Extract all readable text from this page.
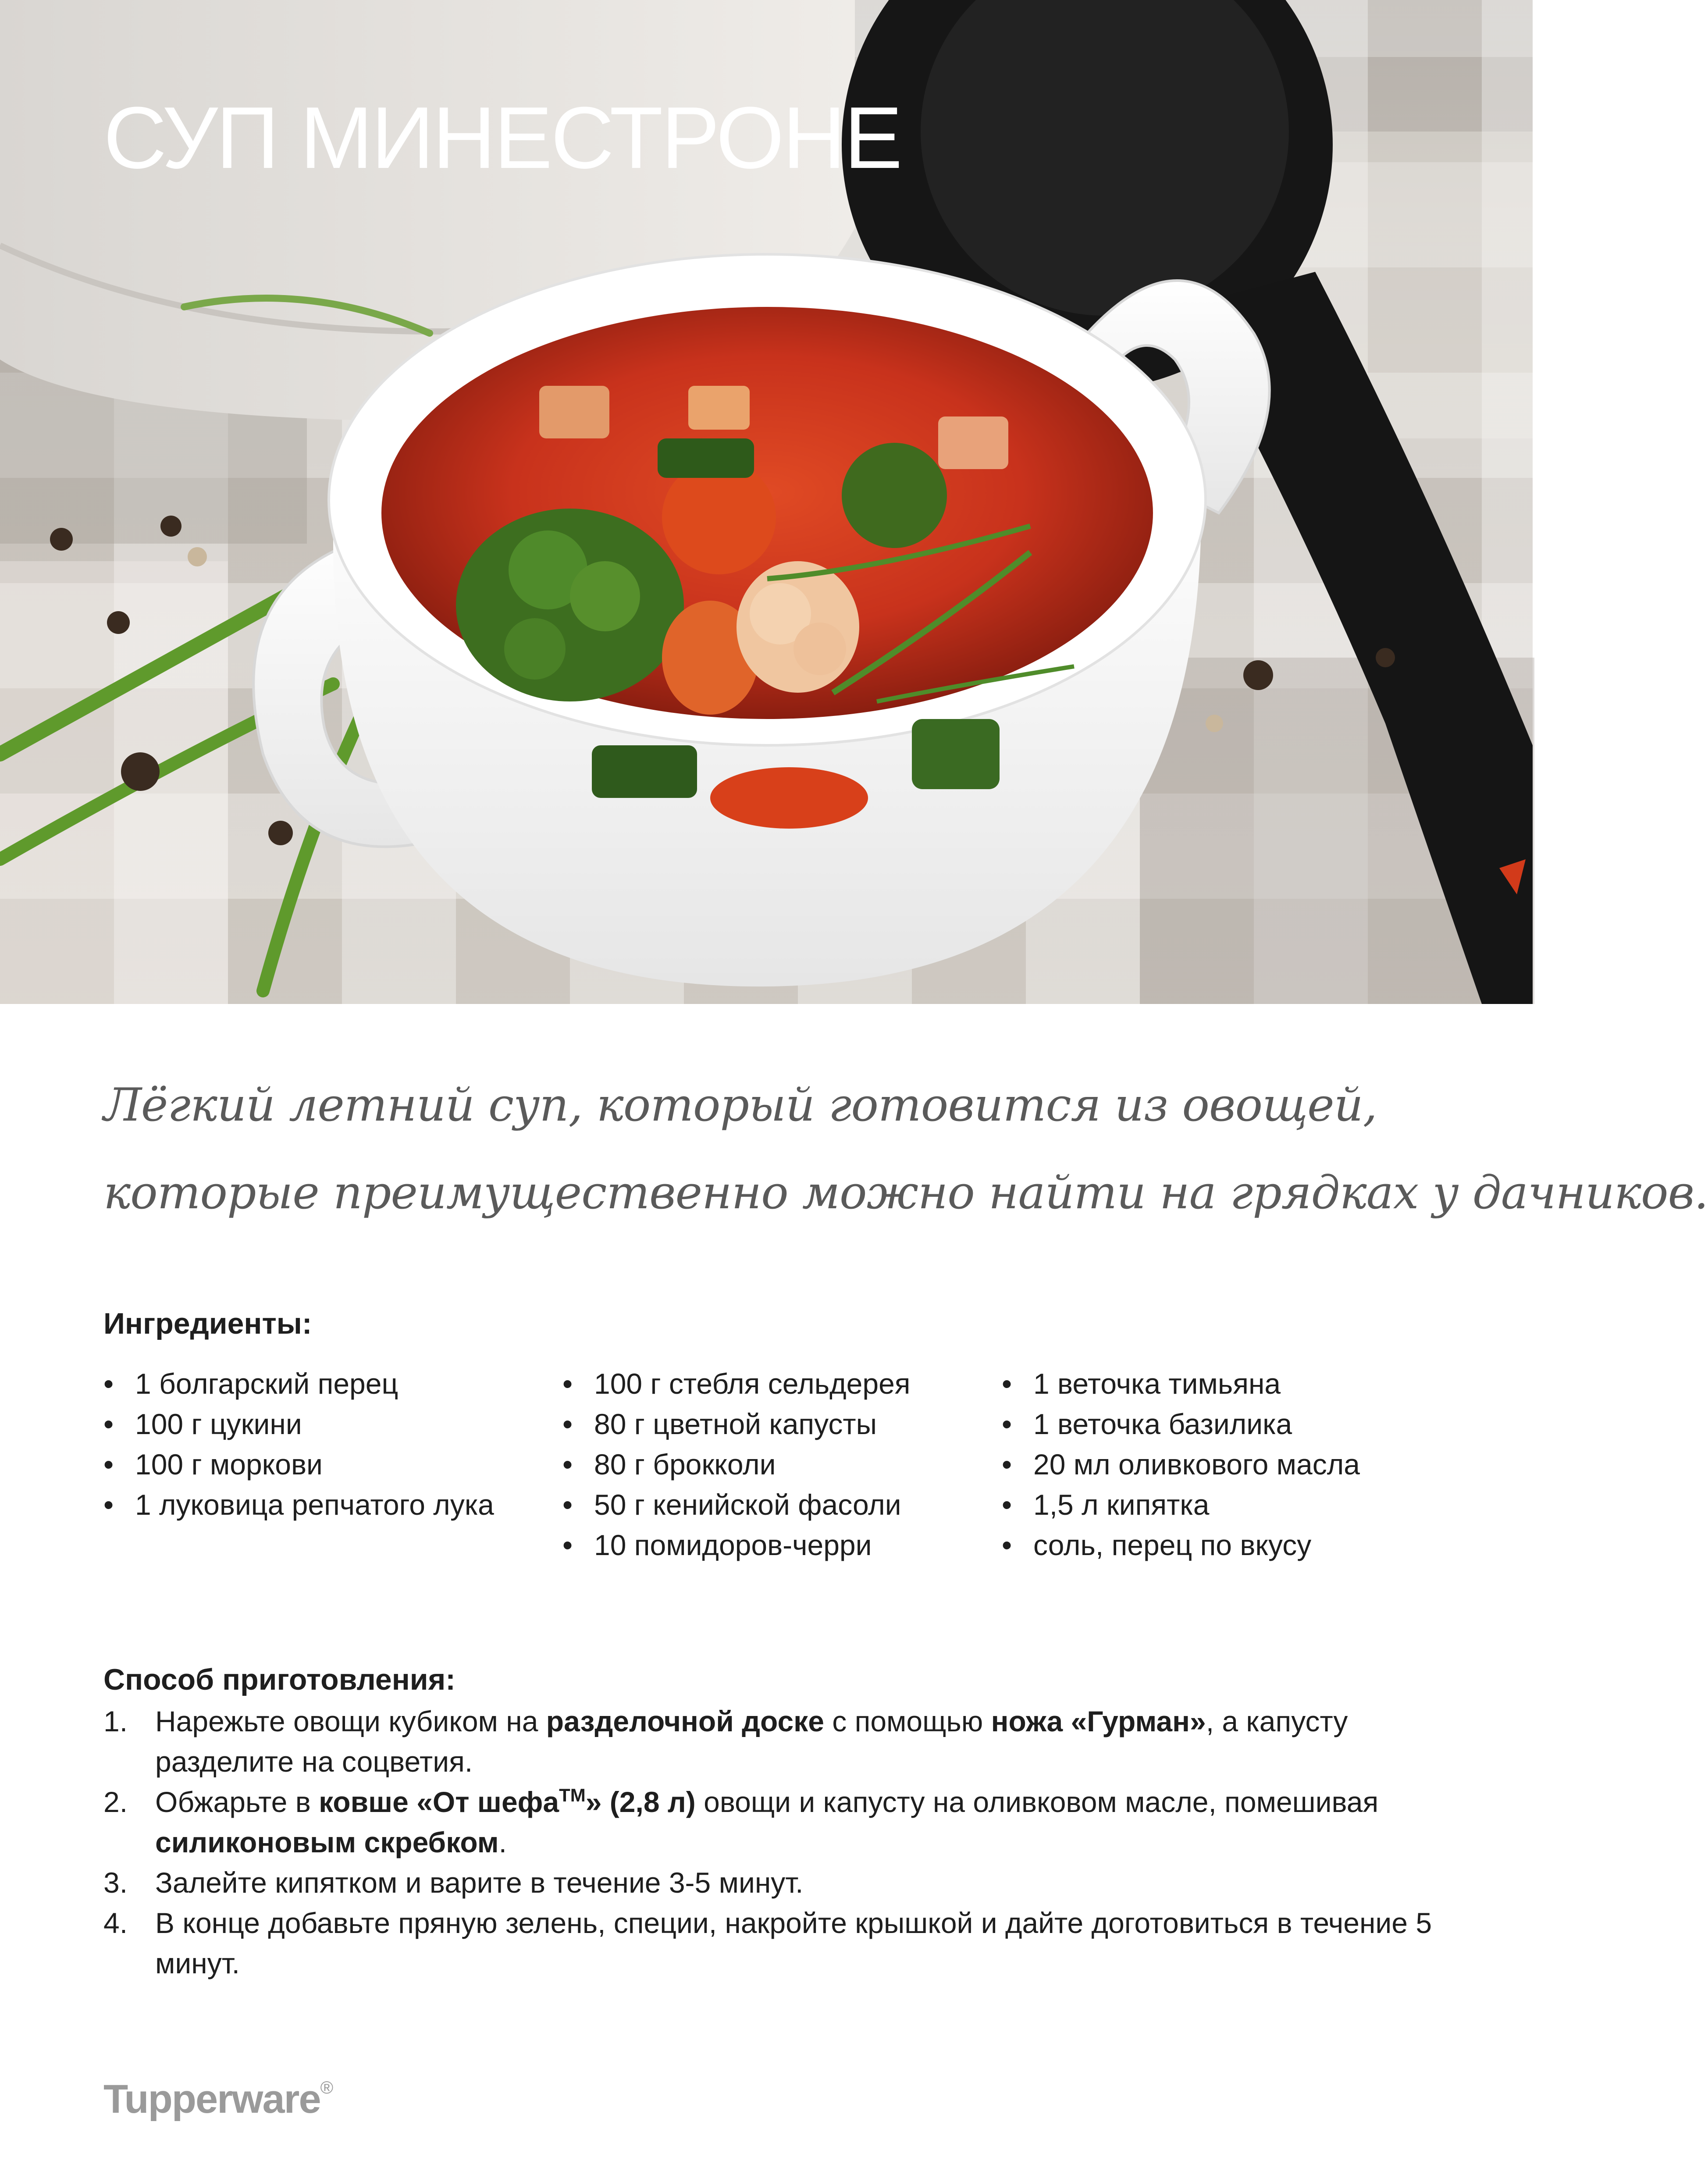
СУП МИНЕСТРОНЕ
Лёгкий летний суп, который готовится из овощей,
которые преимущественно можно найти на грядках у дачников.
Ингредиенты:
• 1 болгарский перец
• 100 г цукини
• 100 г моркови
• 1 луковица репчатого лука
• 100 г стебля сельдерея
• 80 г цветной капусты
• 80 г брокколи
• 50 г кенийской фасоли
• 10 помидоров-черри
• 1 веточка тимьяна
• 1 веточка базилика
• 20 мл оливкового масла
• 1,5 л кипятка
• соль, перец по вкусу
Способ приготовления:
1. Нарежьте овощи кубиком на разделочной доске с помощью ножа «Гурман», а капусту разделите на соцветия.
2. Обжарьте в ковше «От шефа™» (2,8 л) овощи и капусту на оливковом масле, помешивая силиконовым скребком.
3. Залейте кипятком и варите в течение 3-5 минут.
4. В конце добавьте пряную зелень, специи, накройте крышкой и дайте доготовиться в течение 5 минут.
Tupperware®
